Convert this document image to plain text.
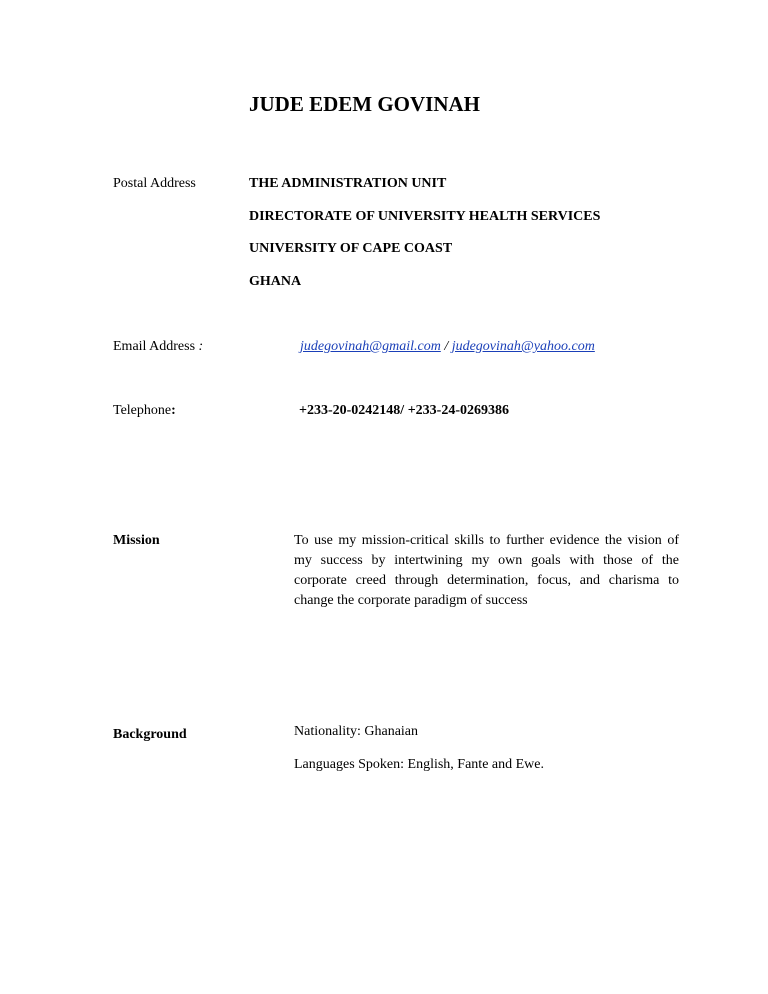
JUDE EDEM GOVINAH
Postal Address	THE ADMINISTRATION UNIT
DIRECTORATE OF UNIVERSITY HEALTH SERVICES
UNIVERSITY OF CAPE COAST
GHANA
Email Address :	judegovinah@gmail.com / judegovinah@yahoo.com
Telephone:	+233-20-0242148/ +233-24-0269386
Mission	To use my mission-critical skills to further evidence the vision of my success by intertwining my own goals with those of the corporate creed through determination, focus, and charisma to change the corporate paradigm of success
Background	Nationality: Ghanaian
Languages Spoken: English, Fante and Ewe.
